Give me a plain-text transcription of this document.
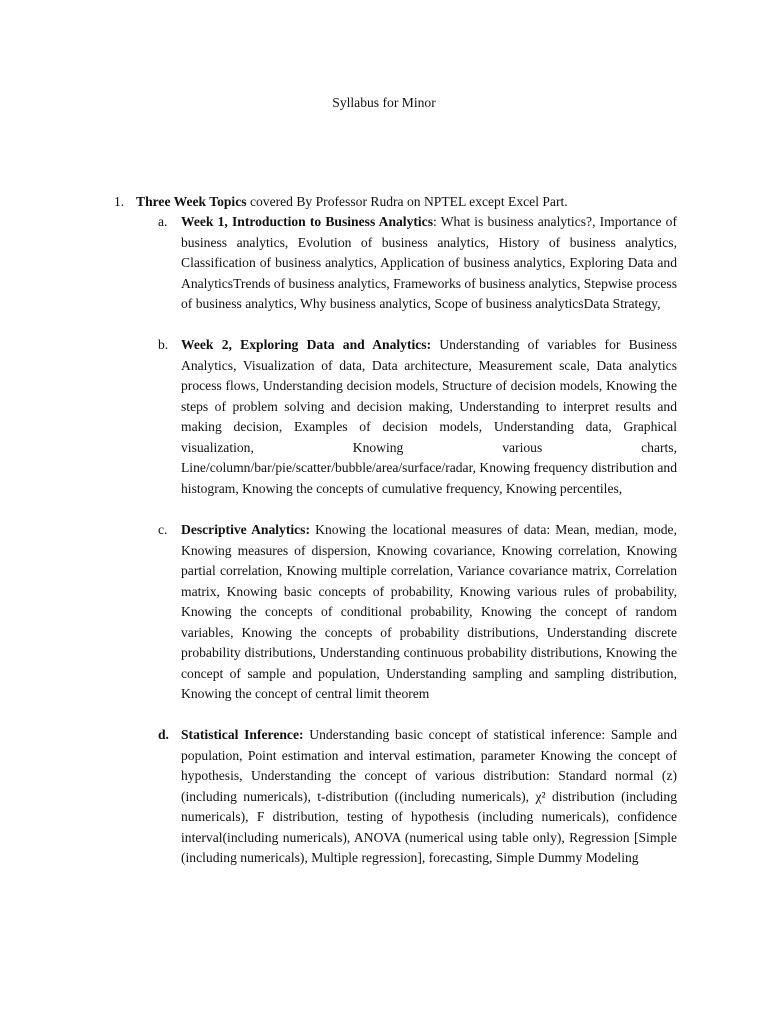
Syllabus for Minor
1. Three Week Topics covered By Professor Rudra on NPTEL except Excel Part.
a. Week 1, Introduction to Business Analytics: What is business analytics?, Importance of business analytics, Evolution of business analytics, History of business analytics, Classification of business analytics, Application of business analytics, Exploring Data and AnalyticsTrends of business analytics, Frameworks of business analytics, Stepwise process of business analytics, Why business analytics, Scope of business analyticsData Strategy,
b. Week 2, Exploring Data and Analytics: Understanding of variables for Business Analytics, Visualization of data, Data architecture, Measurement scale, Data analytics process flows, Understanding decision models, Structure of decision models, Knowing the steps of problem solving and decision making, Understanding to interpret results and making decision, Examples of decision models, Understanding data, Graphical visualization, Knowing various charts, Line/column/bar/pie/scatter/bubble/area/surface/radar, Knowing frequency distribution and histogram, Knowing the concepts of cumulative frequency, Knowing percentiles,
c. Descriptive Analytics: Knowing the locational measures of data: Mean, median, mode, Knowing measures of dispersion, Knowing covariance, Knowing correlation, Knowing partial correlation, Knowing multiple correlation, Variance covariance matrix, Correlation matrix, Knowing basic concepts of probability, Knowing various rules of probability, Knowing the concepts of conditional probability, Knowing the concept of random variables, Knowing the concepts of probability distributions, Understanding discrete probability distributions, Understanding continuous probability distributions, Knowing the concept of sample and population, Understanding sampling and sampling distribution, Knowing the concept of central limit theorem
d. Statistical Inference: Understanding basic concept of statistical inference: Sample and population, Point estimation and interval estimation, parameter Knowing the concept of hypothesis, Understanding the concept of various distribution: Standard normal (z) (including numericals), t-distribution ((including numericals), χ² distribution (including numericals), F distribution, testing of hypothesis (including numericals), confidence interval(including numericals), ANOVA (numerical using table only), Regression [Simple (including numericals), Multiple regression], forecasting, Simple Dummy Modeling
